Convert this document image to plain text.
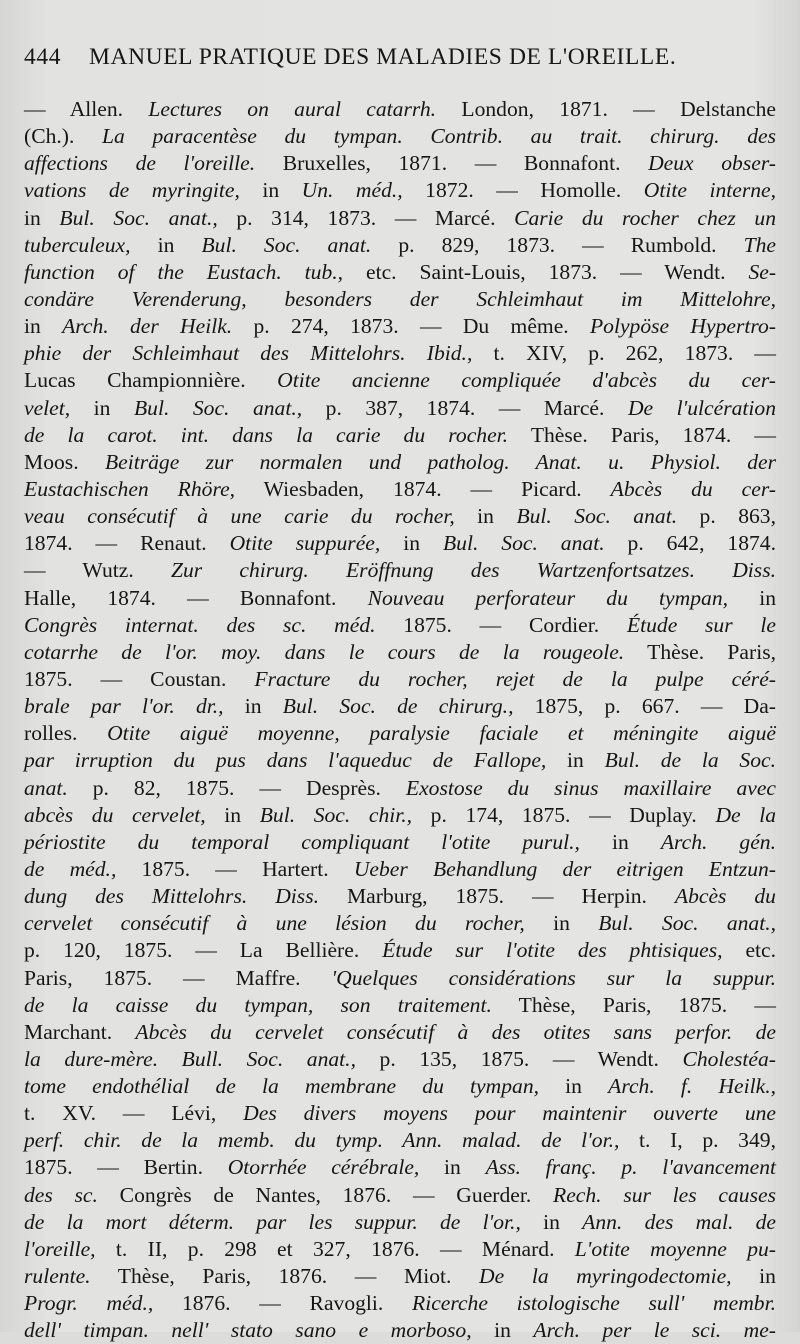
444 MANUEL PRATIQUE DES MALADIES DE L'OREILLE.
— Allen. Lectures on aural catarrh. London, 1871. — Delstanche
(Ch.). La paracentèse du tympan. Contrib. au trait. chirurg. des
affections de l'oreille. Bruxelles, 1871. — Bonnafont. Deux obser-
vations de myringite, in Un. méd., 1872. — Homolle. Otite interne,
in Bul. Soc. anat., p. 314, 1873. — Marcé. Carie du rocher chez un
tuberculeux, in Bul. Soc. anat. p. 829, 1873. — Rumbold. The
function of the Eustach. tub., etc. Saint-Louis, 1873. — Wendt. Se-
condäre Verenderung, besonders der Schleimhaut im Mittelohre,
in Arch. der Heilk. p. 274, 1873. — Du même. Polypöse Hypertro-
phie der Schleimhaut des Mittelohrs. Ibid., t. XIV, p. 262, 1873. —
Lucas Championnière. Otite ancienne compliquée d'abcès du cer-
velet, in Bul. Soc. anat., p. 387, 1874. — Marcé. De l'ulcération
de la carot. int. dans la carie du rocher. Thèse. Paris, 1874. —
Moos. Beiträge zur normalen und patholog. Anat. u. Physiol. der
Eustachischen Rhöre, Wiesbaden, 1874. — Picard. Abcès du cer-
veau consécutif à une carie du rocher, in Bul. Soc. anat. p. 863,
1874. — Renaut. Otite suppurée, in Bul. Soc. anat. p. 642, 1874.
— Wutz. Zur chirurg. Eröffnung des Wartzenfortsatzes. Diss.
Halle, 1874. — Bonnafont. Nouveau perforateur du tympan, in
Congrès internat. des sc. méd. 1875. — Cordier. Étude sur le
cotarrhe de l'or. moy. dans le cours de la rougeole. Thèse. Paris,
1875. — Coustan. Fracture du rocher, rejet de la pulpe céré-
brale par l'or. dr., in Bul. Soc. de chirurg., 1875, p. 667. — Da-
rolles. Otite aiguë moyenne, paralysie faciale et méningite aiguë
par irruption du pus dans l'aqueduc de Fallope, in Bul. de la Soc.
anat. p. 82, 1875. — Desprès. Exostose du sinus maxillaire avec
abcès du cervelet, in Bul. Soc. chir., p. 174, 1875. — Duplay. De la
périostite du temporal compliquant l'otite purul., in Arch. gén.
de méd., 1875. — Hartert. Ueber Behandlung der eitrigen Entzun-
dung des Mittelohrs. Diss. Marburg, 1875. — Herpin. Abcès du
cervelet consécutif à une lésion du rocher, in Bul. Soc. anat.,
p. 120, 1875. — La Bellière. Étude sur l'otite des phtisiques, etc.
Paris, 1875. — Maffre. 'Quelques considérations sur la suppur.
de la caisse du tympan, son traitement. Thèse, Paris, 1875. —
Marchant. Abcès du cervelet consécutif à des otites sans perfor. de
la dure-mère. Bull. Soc. anat., p. 135, 1875. — Wendt. Cholestéa-
tome endothélial de la membrane du tympan, in Arch. f. Heilk.,
t. XV. — Lévi, Des divers moyens pour maintenir ouverte une
perf. chir. de la memb. du tymp. Ann. malad. de l'or., t. I, p. 349,
1875. — Bertin. Otorrhée cérébrale, in Ass. franç. p. l'avancement
des sc. Congrès de Nantes, 1876. — Guerder. Rech. sur les causes
de la mort déterm. par les suppur. de l'or., in Ann. des mal. de
l'oreille, t. II, p. 298 et 327, 1876. — Ménard. L'otite moyenne pu-
rulente. Thèse, Paris, 1876. — Miot. De la myringodectomie, in
Progr. méd., 1876. — Ravogli. Ricerche istologische sull' membr.
dell' timpan. nell' stato sano e morboso, in Arch. per le sci. me-
